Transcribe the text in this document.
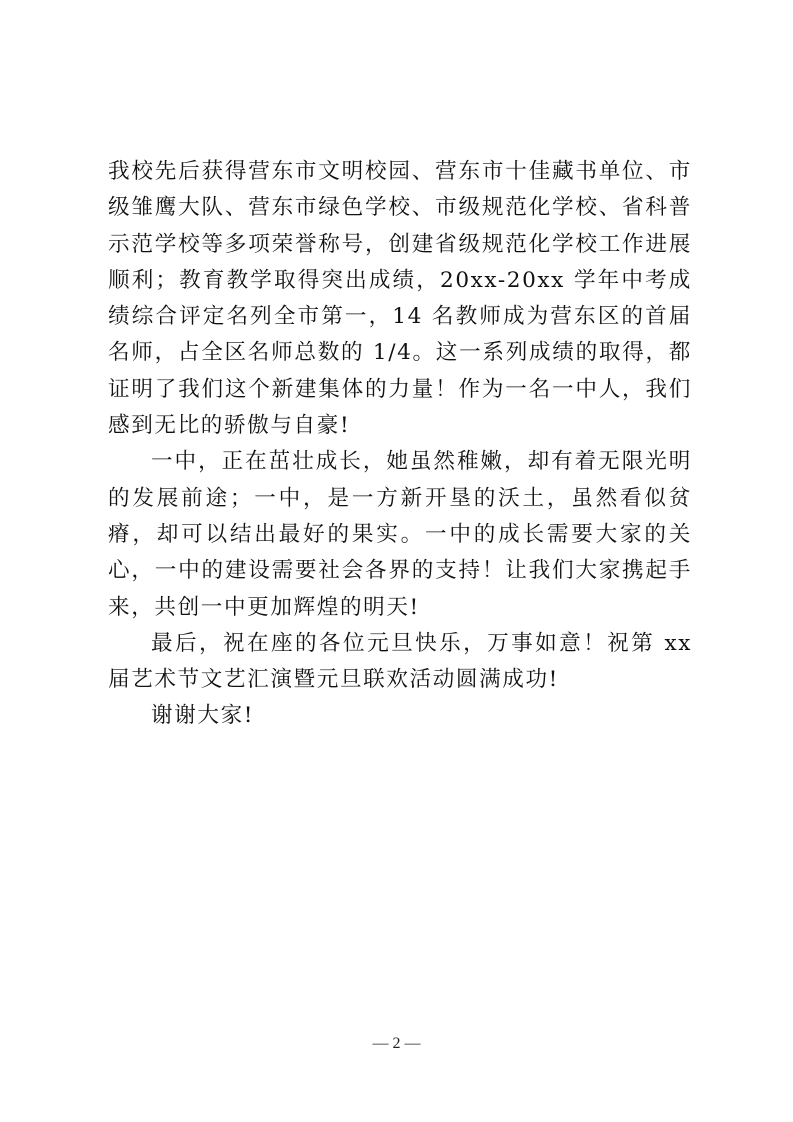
我校先后获得营东市文明校园、营东市十佳藏书单位、市级雏鹰大队、营东市绿色学校、市级规范化学校、省科普示范学校等多项荣誉称号，创建省级规范化学校工作进展顺利；教育教学取得突出成绩，20xx-20xx 学年中考成绩综合评定名列全市第一，14 名教师成为营东区的首届名师，占全区名师总数的 1/4。这一系列成绩的取得，都证明了我们这个新建集体的力量！作为一名一中人，我们感到无比的骄傲与自豪!

一中，正在茁壮成长，她虽然稚嫩，却有着无限光明的发展前途；一中，是一方新开垦的沃土，虽然看似贫瘠，却可以结出最好的果实。一中的成长需要大家的关心，一中的建设需要社会各界的支持！让我们大家携起手来，共创一中更加辉煌的明天!

最后，祝在座的各位元旦快乐，万事如意！祝第 xx 届艺术节文艺汇演暨元旦联欢活动圆满成功!

谢谢大家!

— 2 —
